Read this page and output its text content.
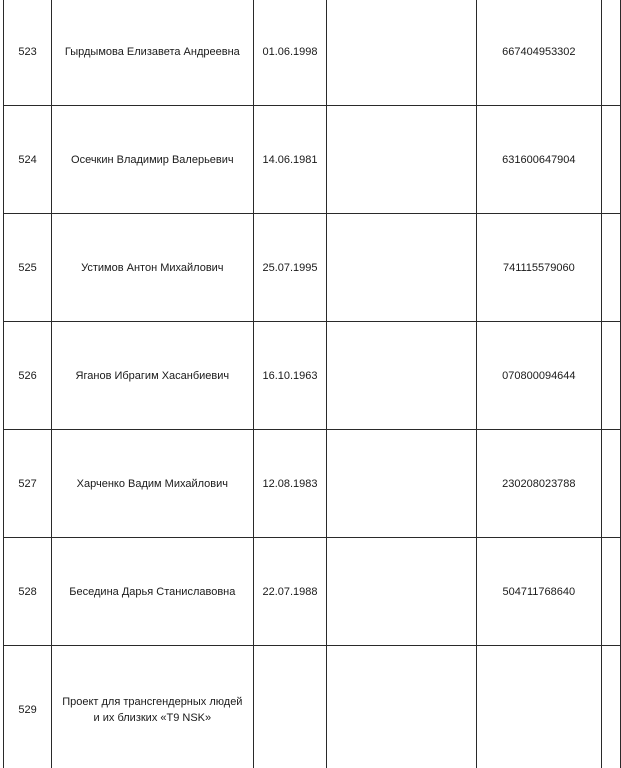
523	Гырдымова Елизавета Андреевна	01.06.1998		667404953302	
524	Осечкин Владимир Валерьевич	14.06.1981		631600647904	
525	Устимов Антон Михайлович	25.07.1995		741115579060	
526	Яганов Ибрагим Хасанбиевич	16.10.1963		070800094644	
527	Харченко Вадим Михайлович	12.08.1983		230208023788	
528	Беседина Дарья Станиславовна	22.07.1988		504711768640	
529	Проект для трансгендерных людей и их близких «Т9 NSK»				
